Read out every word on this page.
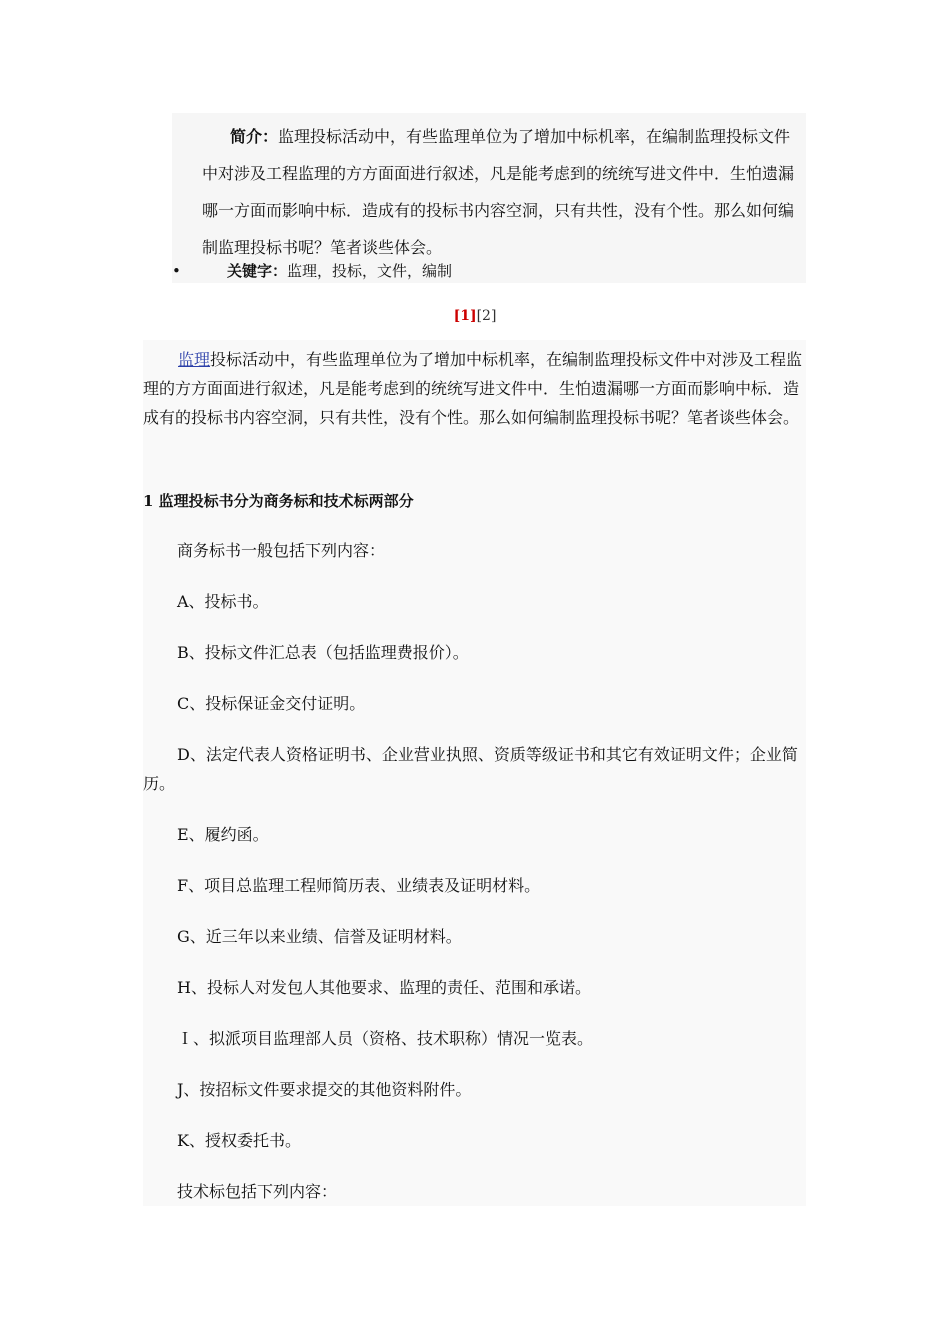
简介：监理投标活动中，有些监理单位为了增加中标机率，在编制监理投标文件中对涉及工程监理的方方面面进行叙述，凡是能考虑到的统统写进文件中．生怕遗漏哪一方面而影响中标．造成有的投标书内容空洞，只有共性，没有个性。那么如何编制监理投标书呢？笔者谈些体会。
•	关键字：监理，投标，文件，编制
[1][2]
监理投标活动中，有些监理单位为了增加中标机率，在编制监理投标文件中对涉及工程监理的方方面面进行叙述，凡是能考虑到的统统写进文件中．生怕遗漏哪一方面而影响中标．造成有的投标书内容空洞，只有共性，没有个性。那么如何编制监理投标书呢？笔者谈些体会。
1 监理投标书分为商务标和技术标两部分
商务标书一般包括下列内容：
A、投标书。
B、投标文件汇总表（包括监理费报价）。
C、投标保证金交付证明。
D、法定代表人资格证明书、企业营业执照、资质等级证书和其它有效证明文件；企业简历。
E、履约函。
F、项目总监理工程师简历表、业绩表及证明材料。
G、近三年以来业绩、信誉及证明材料。
H、投标人对发包人其他要求、监理的责任、范围和承诺。
Ｉ、拟派项目监理部人员（资格、技术职称）情况一览表。
J、按招标文件要求提交的其他资料附件。
K、授权委托书。
技术标包括下列内容：
